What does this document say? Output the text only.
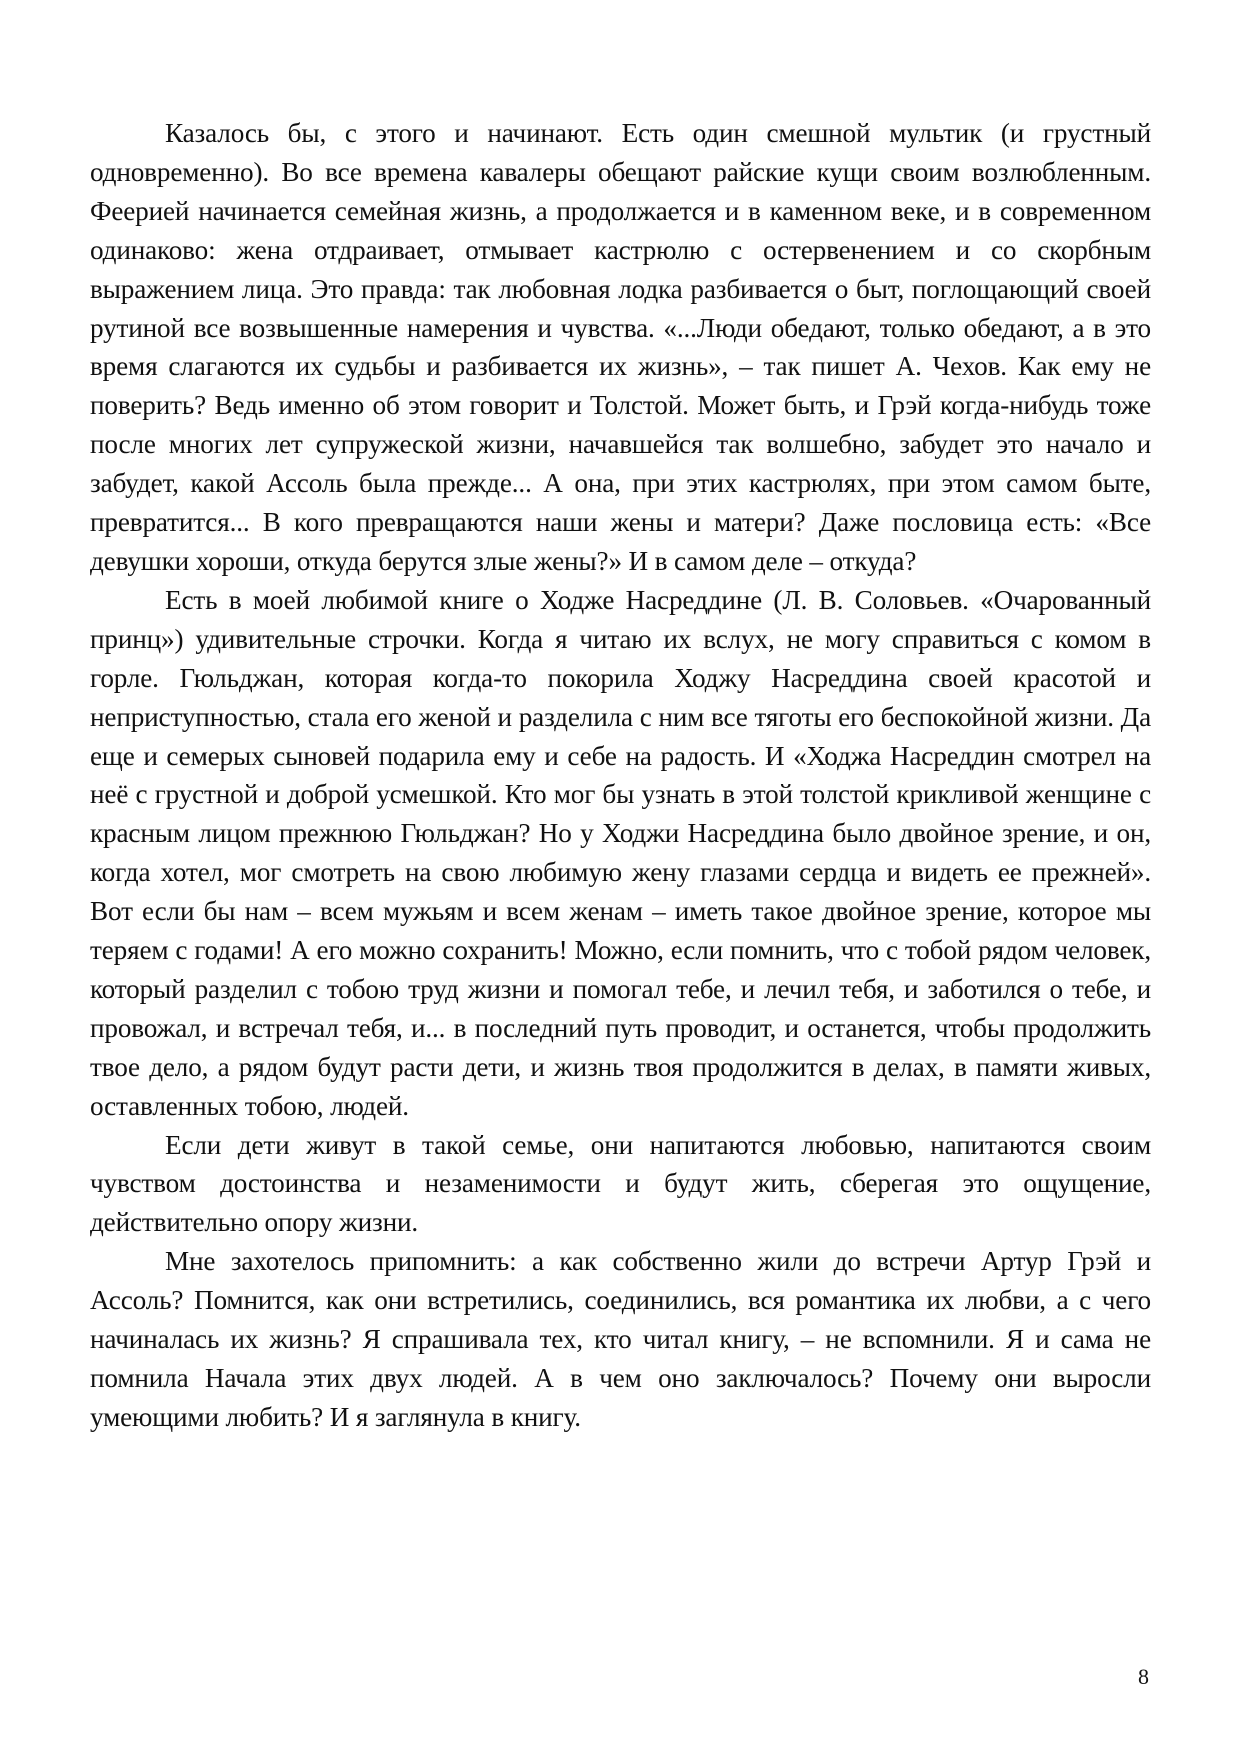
Казалось бы, с этого и начинают. Есть один смешной мультик (и грустный одновременно). Во все времена кавалеры обещают райские кущи своим возлюбленным. Феерией начинается семейная жизнь, а продолжается и в каменном веке, и в современном одинаково: жена отдраивает, отмывает кастрюлю с остервенением и со скорбным выражением лица. Это правда: так любовная лодка разбивается о быт, поглощающий своей рутиной все возвышенные намерения и чувства. «...Люди обедают, только обедают, а в это время слагаются их судьбы и разбивается их жизнь», – так пишет А. Чехов. Как ему не поверить? Ведь именно об этом говорит и Толстой. Может быть, и Грэй когда-нибудь тоже после многих лет супружеской жизни, начавшейся так волшебно, забудет это начало и забудет, какой Ассоль была прежде... А она, при этих кастрюлях, при этом самом быте, превратится... В кого превращаются наши жены и матери? Даже пословица есть: «Все девушки хороши, откуда берутся злые жены?» И в самом деле – откуда?

Есть в моей любимой книге о Ходже Насреддине (Л. В. Соловьев. «Очарованный принц») удивительные строчки. Когда я читаю их вслух, не могу справиться с комом в горле. Гюльджан, которая когда-то покорила Ходжу Насреддина своей красотой и неприступностью, стала его женой и разделила с ним все тяготы его беспокойной жизни. Да еще и семерых сыновей подарила ему и себе на радость. И «Ходжа Насреддин смотрел на неё с грустной и доброй усмешкой. Кто мог бы узнать в этой толстой крикливой женщине с красным лицом прежнюю Гюльджан? Но у Ходжи Насреддина было двойное зрение, и он, когда хотел, мог смотреть на свою любимую жену глазами сердца и видеть ее прежней». Вот если бы нам – всем мужьям и всем женам – иметь такое двойное зрение, которое мы теряем с годами! А его можно сохранить! Можно, если помнить, что с тобой рядом человек, который разделил с тобою труд жизни и помогал тебе, и лечил тебя, и заботился о тебе, и провожал, и встречал тебя, и... в последний путь проводит, и останется, чтобы продолжить твое дело, а рядом будут расти дети, и жизнь твоя продолжится в делах, в памяти живых, оставленных тобою, людей.

Если дети живут в такой семье, они напитаются любовью, напитаются своим чувством достоинства и незаменимости и будут жить, сберегая это ощущение, действительно опору жизни.

Мне захотелось припомнить: а как собственно жили до встречи Артур Грэй и Ассоль? Помнится, как они встретились, соединились, вся романтика их любви, а с чего начиналась их жизнь? Я спрашивала тех, кто читал книгу, – не вспомнили. Я и сама не помнила Начала этих двух людей. А в чем оно заключалось? Почему они выросли умеющими любить? И я заглянула в книгу.

8
